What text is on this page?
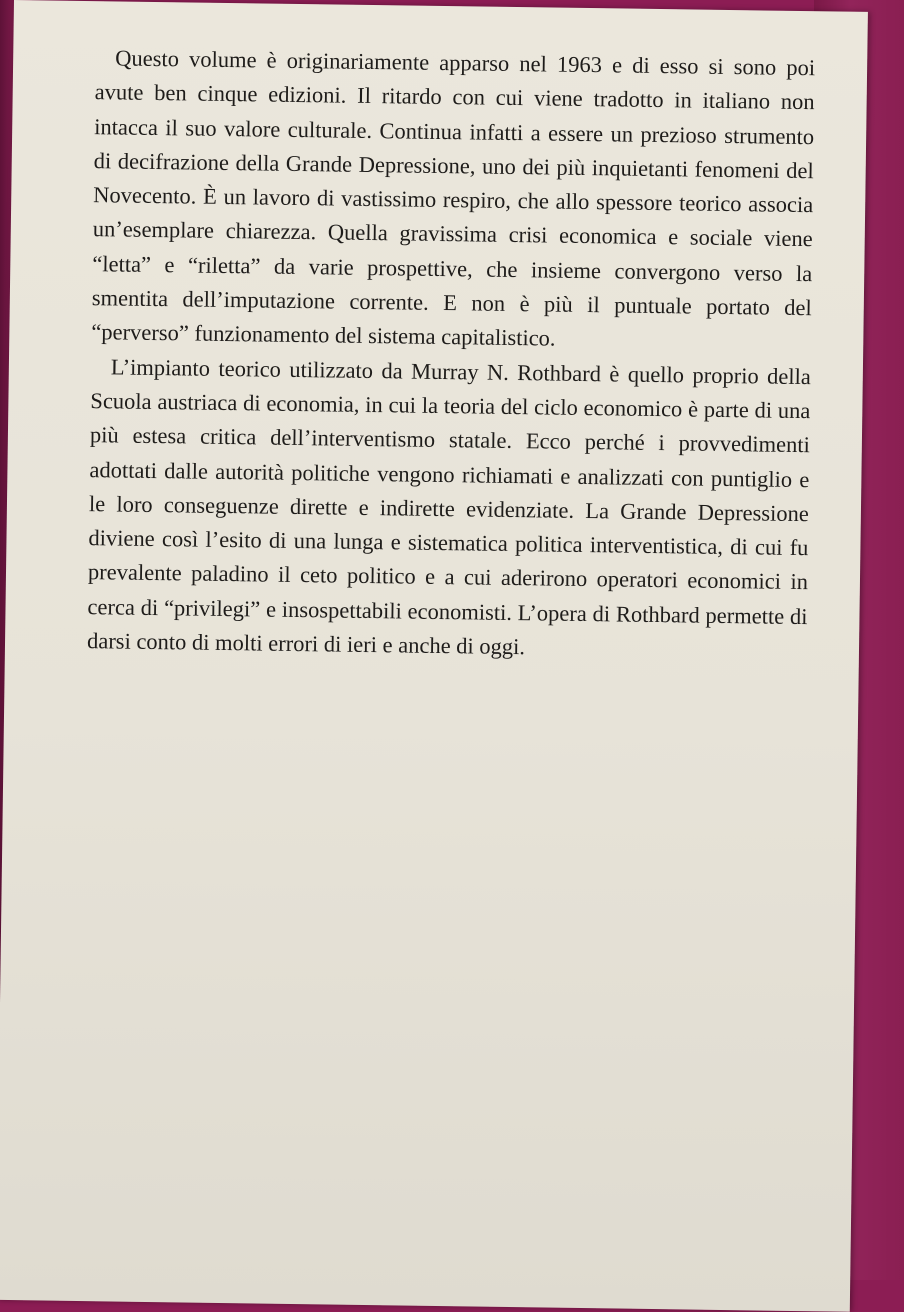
Questo volume è originariamente apparso nel 1963 e di esso si sono poi avute ben cinque edizioni. Il ritardo con cui viene tradotto in italiano non intacca il suo valore culturale. Continua infatti a essere un prezioso strumento di decifrazione della Grande Depressione, uno dei più inquietanti fenomeni del Novecento. È un lavoro di vastissimo respiro, che allo spessore teorico associa un’esemplare chiarezza. Quella gravissima crisi economica e sociale viene “letta” e “riletta” da varie prospettive, che insieme convergono verso la smentita dell’imputazione corrente. E non è più il puntuale portato del “perverso” funzionamento del sistema capitalistico.

L’impianto teorico utilizzato da Murray N. Rothbard è quello proprio della Scuola austriaca di economia, in cui la teoria del ciclo economico è parte di una più estesa critica dell’interventismo statale. Ecco perché i provvedimenti adottati dalle autorità politiche vengono richiamati e analizzati con puntiglio e le loro conseguenze dirette e indirette evidenziate. La Grande Depressione diviene così l’esito di una lunga e sistematica politica interventistica, di cui fu prevalente paladino il ceto politico e a cui aderirono operatori economici in cerca di “privilegi” e insospettabili economisti. L’opera di Rothbard permette di darsi conto di molti errori di ieri e anche di oggi.
